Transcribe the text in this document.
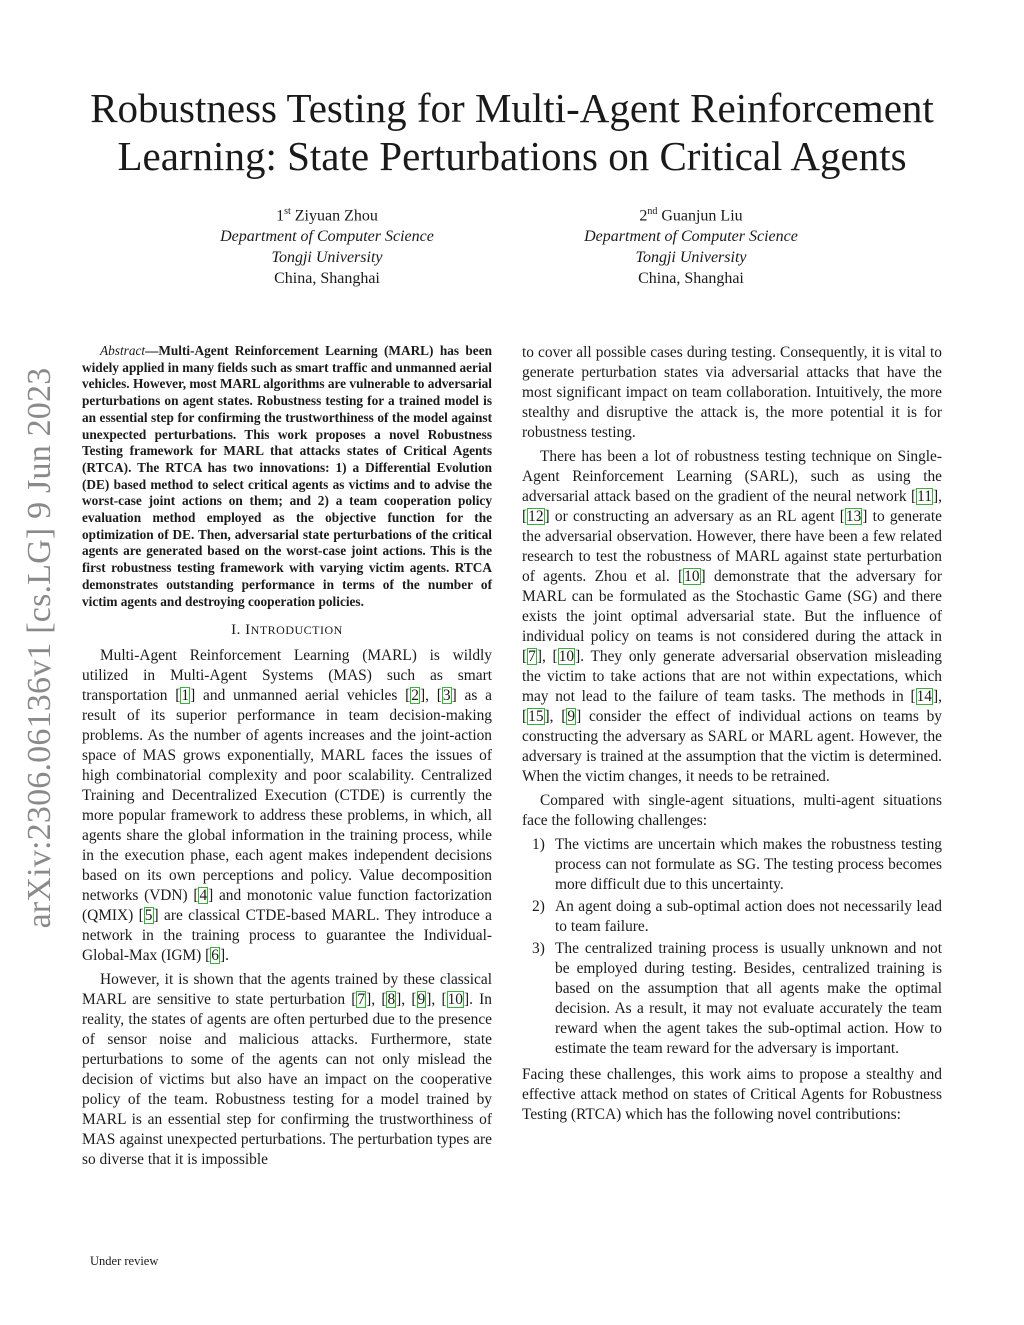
arXiv:2306.06136v1 [cs.LG] 9 Jun 2023
Robustness Testing for Multi-Agent Reinforcement Learning: State Perturbations on Critical Agents
1st Ziyuan Zhou
Department of Computer Science
Tongji University
China, Shanghai
2nd Guanjun Liu
Department of Computer Science
Tongji University
China, Shanghai

Abstract—Multi-Agent Reinforcement Learning (MARL) has been widely applied in many fields such as smart traffic and unmanned aerial vehicles. However, most MARL algorithms are vulnerable to adversarial perturbations on agent states. Robustness testing for a trained model is an essential step for confirming the trustworthiness of the model against unexpected perturbations. This work proposes a novel Robustness Testing framework for MARL that attacks states of Critical Agents (RTCA). The RTCA has two innovations: 1) a Differential Evolution (DE) based method to select critical agents as victims and to advise the worst-case joint actions on them; and 2) a team cooperation policy evaluation method employed as the objective function for the optimization of DE. Then, adversarial state perturbations of the critical agents are generated based on the worst-case joint actions. This is the first robustness testing framework with varying victim agents. RTCA demonstrates outstanding performance in terms of the number of victim agents and destroying cooperation policies.

I. INTRODUCTION

Multi-Agent Reinforcement Learning (MARL) is wildly utilized in Multi-Agent Systems (MAS) such as smart transportation [1] and unmanned aerial vehicles [2], [3] as a result of its superior performance in team decision-making problems. As the number of agents increases and the joint-action space of MAS grows exponentially, MARL faces the issues of high combinatorial complexity and poor scalability. Centralized Training and Decentralized Execution (CTDE) is currently the more popular framework to address these problems, in which, all agents share the global information in the training process, while in the execution phase, each agent makes independent decisions based on its own perceptions and policy. Value decomposition networks (VDN) [4] and monotonic value function factorization (QMIX) [5] are classical CTDE-based MARL. They introduce a network in the training process to guarantee the Individual-Global-Max (IGM) [6].

However, it is shown that the agents trained by these classical MARL are sensitive to state perturbation [7], [8], [9], [10]. In reality, the states of agents are often perturbed due to the presence of sensor noise and malicious attacks. Furthermore, state perturbations to some of the agents can not only mislead the decision of victims but also have an impact on the cooperative policy of the team. Robustness testing for a model trained by MARL is an essential step for confirming the trustworthiness of MAS against unexpected perturbations. The perturbation types are so diverse that it is impossible

to cover all possible cases during testing. Consequently, it is vital to generate perturbation states via adversarial attacks that have the most significant impact on team collaboration. Intuitively, the more stealthy and disruptive the attack is, the more potential it is for robustness testing.

There has been a lot of robustness testing technique on Single-Agent Reinforcement Learning (SARL), such as using the adversarial attack based on the gradient of the neural network [11], [12] or constructing an adversary as an RL agent [13] to generate the adversarial observation. However, there have been a few related research to test the robustness of MARL against state perturbation of agents. Zhou et al. [10] demonstrate that the adversary for MARL can be formulated as the Stochastic Game (SG) and there exists the joint optimal adversarial state. But the influence of individual policy on teams is not considered during the attack in [7], [10]. They only generate adversarial observation misleading the victim to take actions that are not within expectations, which may not lead to the failure of team tasks. The methods in [14], [15], [9] consider the effect of individual actions on teams by constructing the adversary as SARL or MARL agent. However, the adversary is trained at the assumption that the victim is determined. When the victim changes, it needs to be retrained.

Compared with single-agent situations, multi-agent situations face the following challenges:

1) The victims are uncertain which makes the robustness testing process can not formulate as SG. The testing process becomes more difficult due to this uncertainty.
2) An agent doing a sub-optimal action does not necessarily lead to team failure.
3) The centralized training process is usually unknown and not be employed during testing. Besides, centralized training is based on the assumption that all agents make the optimal decision. As a result, it may not evaluate accurately the team reward when the agent takes the sub-optimal action. How to estimate the team reward for the adversary is important.

Facing these challenges, this work aims to propose a stealthy and effective attack method on states of Critical Agents for Robustness Testing (RTCA) which has the following novel contributions:

Under review
